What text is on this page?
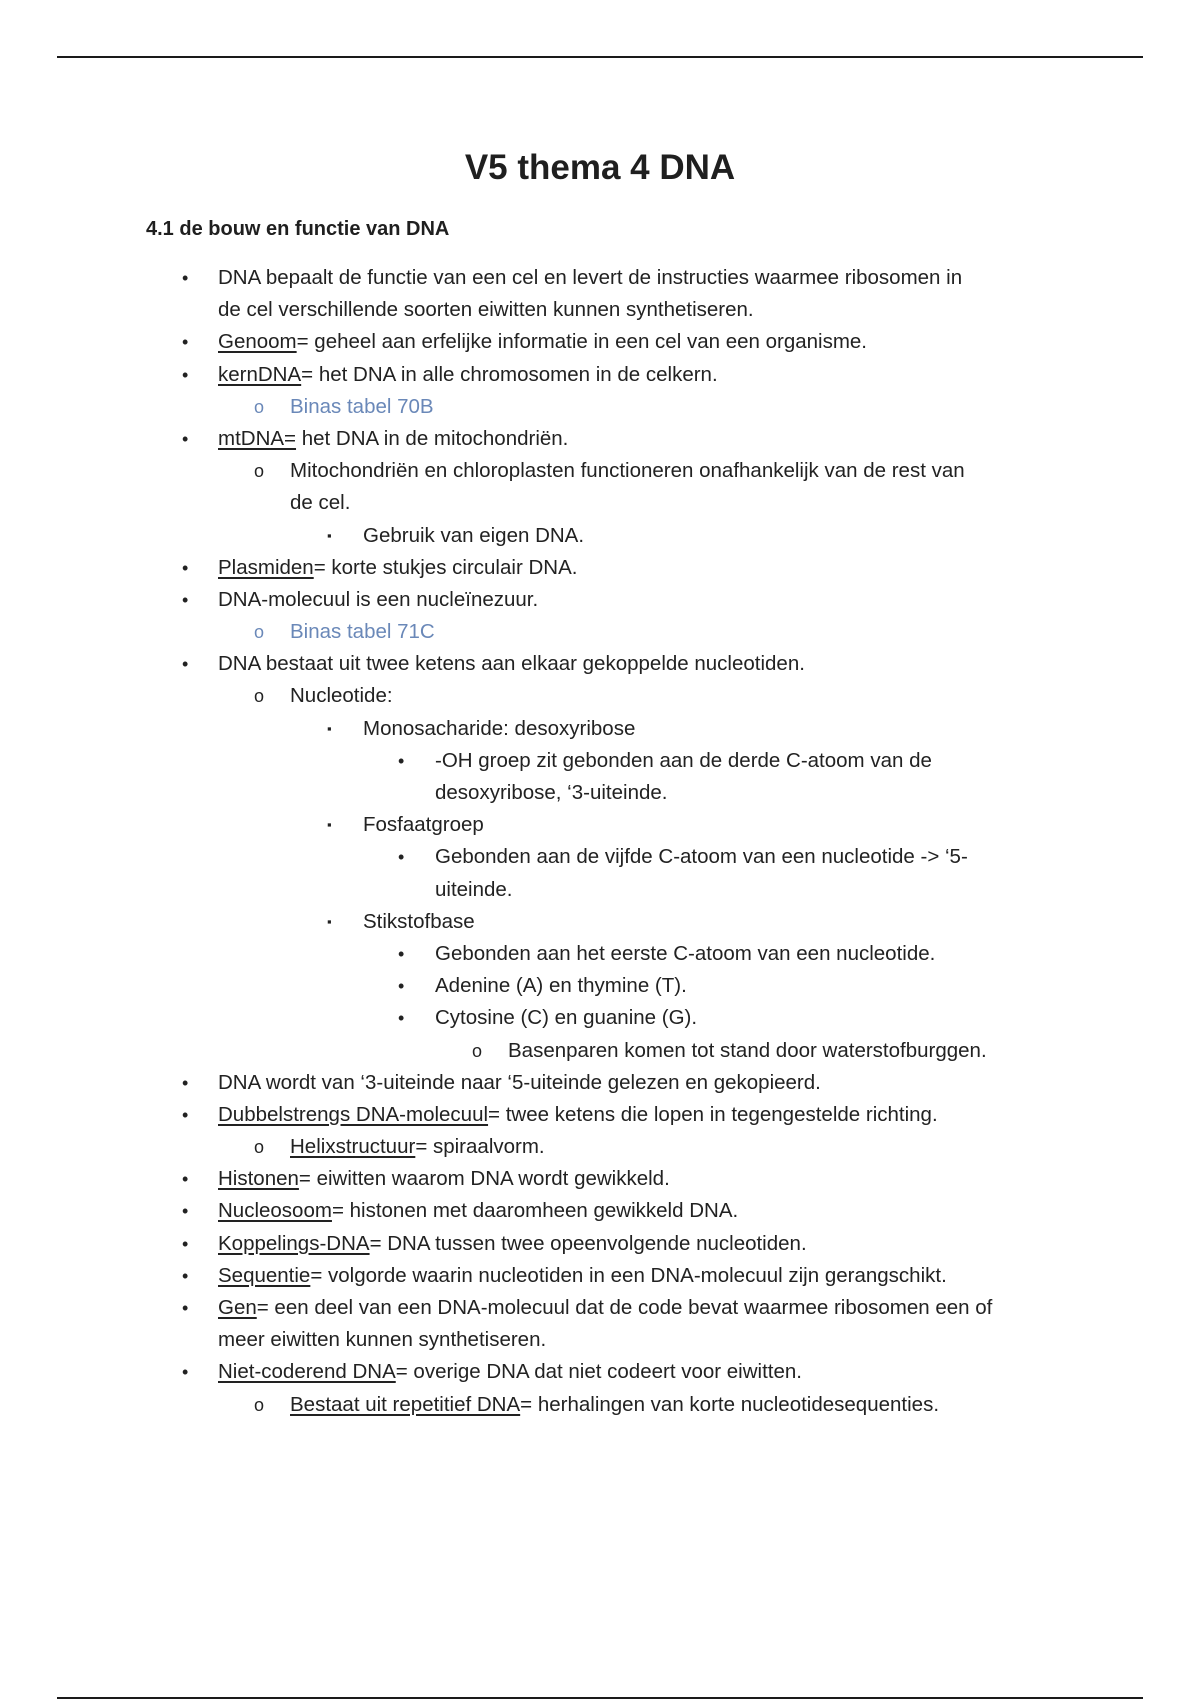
V5 thema 4 DNA
4.1 de bouw en functie van DNA
• DNA bepaalt de functie van een cel en levert de instructies waarmee ribosomen in
de cel verschillende soorten eiwitten kunnen synthetiseren.
• Genoom= geheel aan erfelijke informatie in een cel van een organisme.
• kernDNA= het DNA in alle chromosomen in de celkern.
o Binas tabel 70B
• mtDNA= het DNA in de mitochondriën.
o Mitochondriën en chloroplasten functioneren onafhankelijk van de rest van
de cel.
▪ Gebruik van eigen DNA.
• Plasmiden= korte stukjes circulair DNA.
• DNA-molecuul is een nucleïnezuur.
o Binas tabel 71C
• DNA bestaat uit twee ketens aan elkaar gekoppelde nucleotiden.
o Nucleotide:
▪ Monosacharide: desoxyribose
• -OH groep zit gebonden aan de derde C-atoom van de
desoxyribose, ‘3-uiteinde.
▪ Fosfaatgroep
• Gebonden aan de vijfde C-atoom van een nucleotide -> ‘5-
uiteinde.
▪ Stikstofbase
• Gebonden aan het eerste C-atoom van een nucleotide.
• Adenine (A) en thymine (T).
• Cytosine (C) en guanine (G).
o Basenparen komen tot stand door waterstofburggen.
• DNA wordt van ‘3-uiteinde naar ‘5-uiteinde gelezen en gekopieerd.
• Dubbelstrengs DNA-molecuul= twee ketens die lopen in tegengestelde richting.
o Helixstructuur= spiraalvorm.
• Histonen= eiwitten waarom DNA wordt gewikkeld.
• Nucleosoom= histonen met daaromheen gewikkeld DNA.
• Koppelings-DNA= DNA tussen twee opeenvolgende nucleotiden.
• Sequentie= volgorde waarin nucleotiden in een DNA-molecuul zijn gerangschikt.
• Gen= een deel van een DNA-molecuul dat de code bevat waarmee ribosomen een of
meer eiwitten kunnen synthetiseren.
• Niet-coderend DNA= overige DNA dat niet codeert voor eiwitten.
o Bestaat uit repetitief DNA= herhalingen van korte nucleotidesequenties.
